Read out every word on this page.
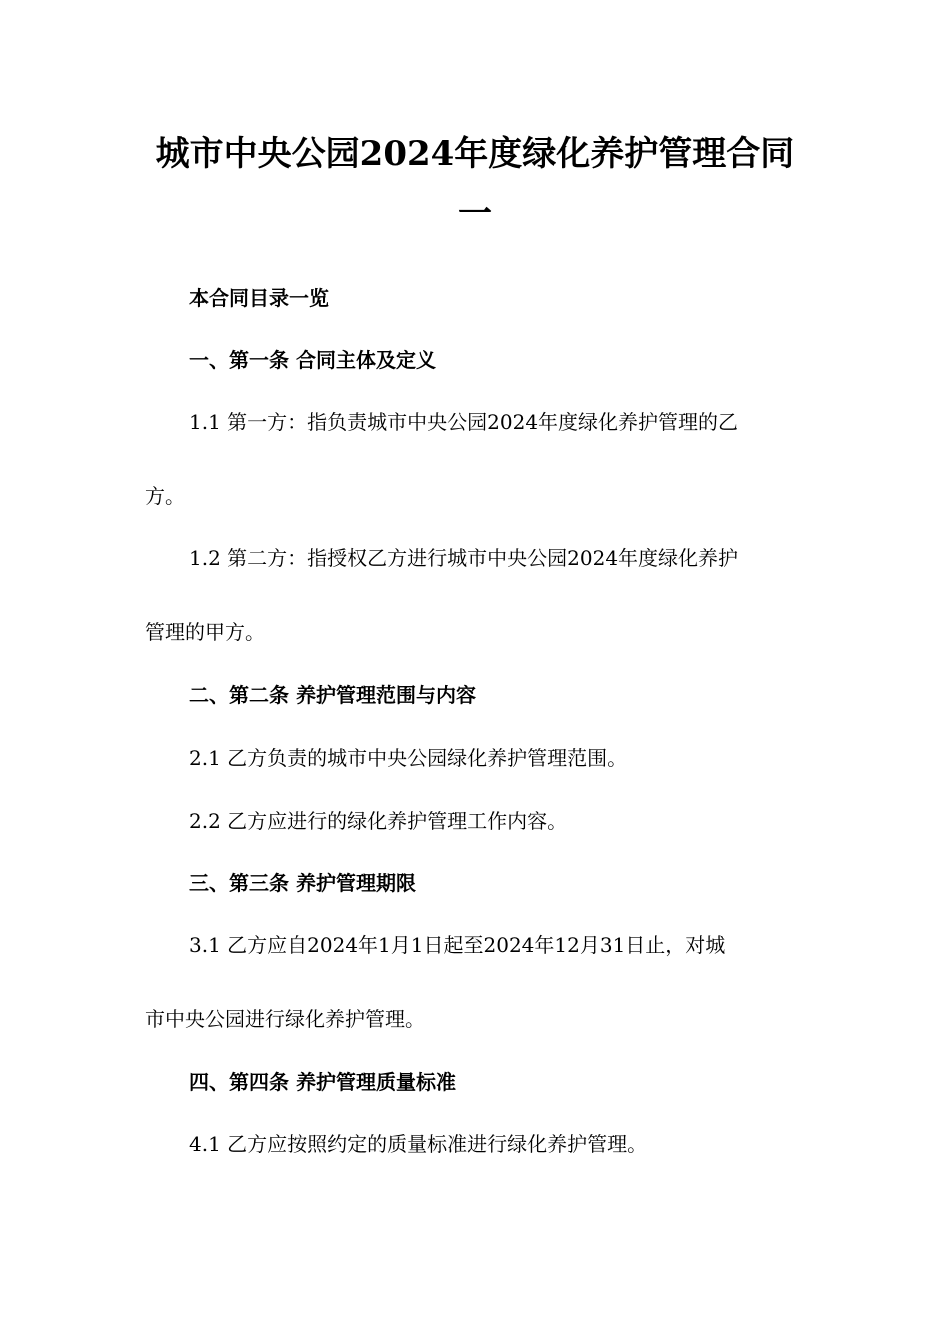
城市中央公园2024年度绿化养护管理合同
一
本合同目录一览
一、第一条 合同主体及定义
1.1 第一方：指负责城市中央公园2024年度绿化养护管理的乙
方。
1.2 第二方：指授权乙方进行城市中央公园2024年度绿化养护
管理的甲方。
二、第二条 养护管理范围与内容
2.1 乙方负责的城市中央公园绿化养护管理范围。
2.2 乙方应进行的绿化养护管理工作内容。
三、第三条 养护管理期限
3.1 乙方应自2024年1月1日起至2024年12月31日止，对城
市中央公园进行绿化养护管理。
四、第四条 养护管理质量标准
4.1 乙方应按照约定的质量标准进行绿化养护管理。
